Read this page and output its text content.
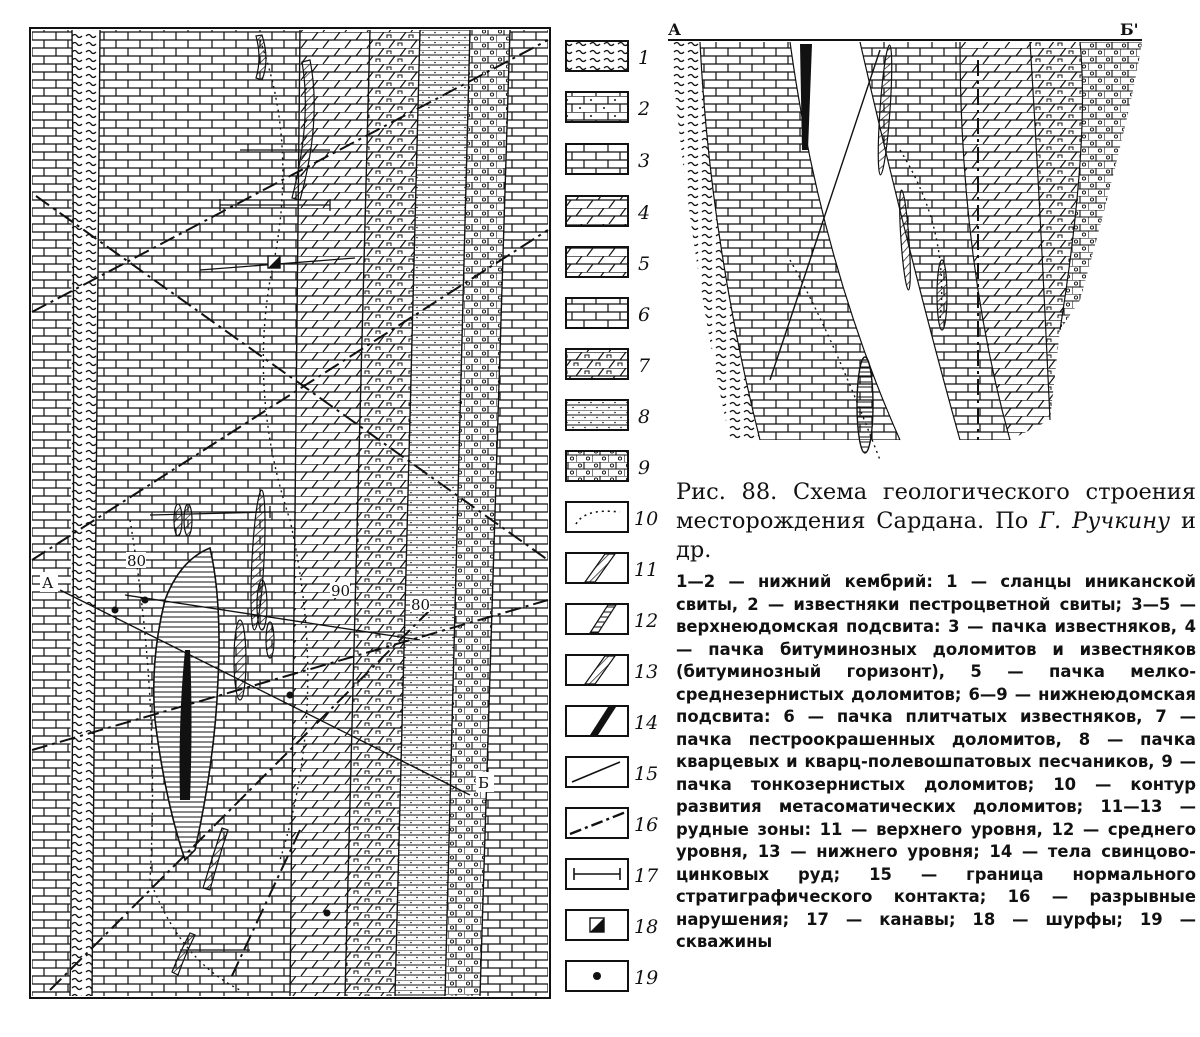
А
Б
80
90
80
1
2
3
4
5
6
7
8
9
10
11
12
13
14
15
16
17
18
19
А	Б'
Рис. 88. Схема геологического строения месторождения Сардана. По Г. Ручкину и др.
1—2 — нижний кембрий: 1 — сланцы иниканской свиты, 2 — известняки пестроцветной свиты; 3—5 — верхнеюдомская подсвита: 3 — пачка известняков, 4 — пачка битуминозных доломитов и известняков (битуминозный горизонт), 5 — пачка мелко-среднезернистых доломитов; 6—9 — нижнеюдомская подсвита: 6 — пачка плитчатых известняков, 7 — пачка пестроокрашенных доломитов, 8 — пачка кварцевых и кварц-полевошпатовых песчаников, 9 — пачка тонкозернистых доломитов; 10 — контур развития метасоматических доломитов; 11—13 — рудные зоны: 11 — верхнего уровня, 12 — среднего уровня, 13 — нижнего уровня; 14 — тела свинцово-цинковых руд; 15 — граница нормального стратиграфического контакта; 16 — разрывные нарушения; 17 — канавы; 18 — шурфы; 19 — скважины
